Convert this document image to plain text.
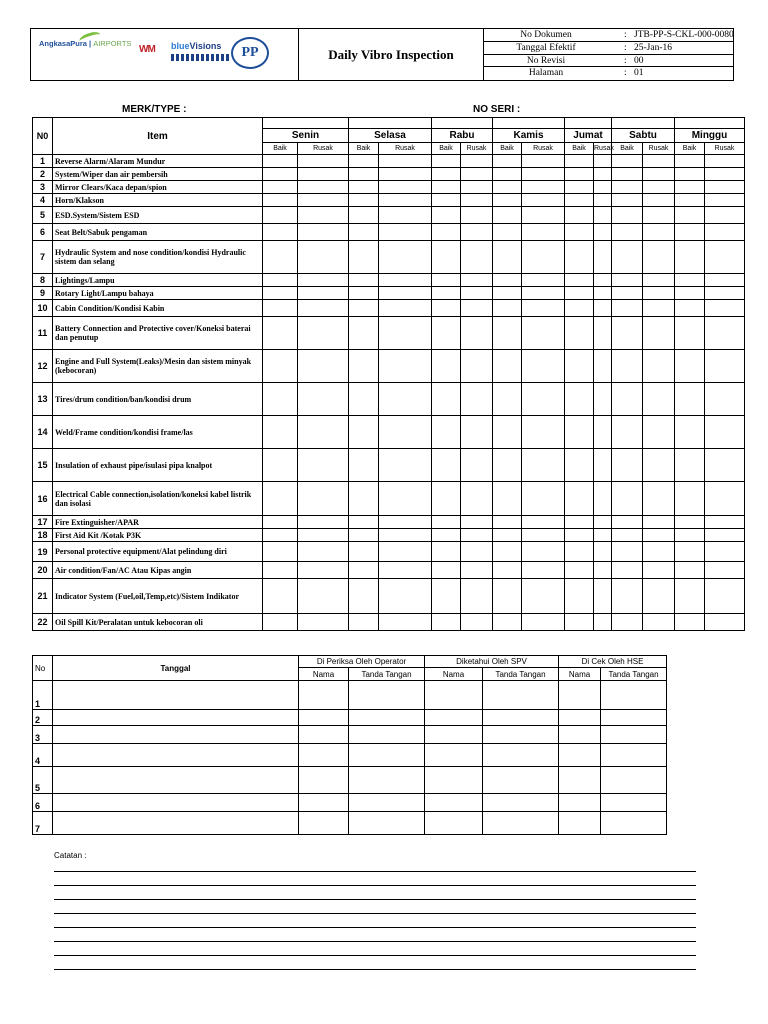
AngkasaPura | AIRPORTS
WM blueVisions	PP	Daily Vibro Inspection
No Dokumen	: JTB-PP-S-CKL-000-0080
Tanggal Efektif	: 25-Jan-16
No Revisi	: 00
Halaman	: 01
MERK/TYPE :	NO SERI :
N0	Item														
		Senin		Selasa		Rabu		Kamis		Jumat		Sabtu		Minggu	
		Baik	Rusak	Baik	Rusak	Baik	Rusak	Baik	Rusak	Baik	Rusak	Baik	Rusak	Baik	Rusak
1	Reverse Alarm/Alaram Mundur														
2	System/Wiper dan air pembersih														
3	Mirror Clears/Kaca depan/spion														
4	Horn/Klakson														
5	ESD.System/Sistem ESD														
6	Seat Belt/Sabuk pengaman														
7	Hydraulic System and nose condition/kondisi Hydraulic sistem dan selang														
8	Lightings/Lampu														
9	Rotary Light/Lampu bahaya														
10	Cabin Condition/Kondisi Kabin														
11	Battery Connection and Protective cover/Koneksi baterai dan penutup														
12	Engine and Full System(Leaks)/Mesin dan sistem minyak (kebocoran)														
13	Tires/drum condition/ban/kondisi drum														
14	Weld/Frame condition/kondisi frame/las														
15	Insulation of exhaust pipe/isulasi pipa knalpot														
16	Electrical Cable connection,isolation/koneksi kabel listrik dan isolasi														
17	Fire Extinguisher/APAR														
18	First Aid Kit /Kotak P3K														
19	Personal protective equipment/Alat pelindung diri														
20	Air condition/Fan/AC Atau Kipas angin														
21	Indicator System (Fuel,oil,Temp,etc)/Sistem Indikator														
22	Oil Spill Kit/Peralatan untuk kebocoran oli														
No	Tanggal	Di Periksa Oleh Operator		Diketahui Oleh SPV		Di Cek Oleh HSE	
		Nama	Tanda Tangan	Nama	Tanda Tangan	Nama	Tanda Tangan
1							
2							
3							
4							
5							
6							
7							
Catatan :
